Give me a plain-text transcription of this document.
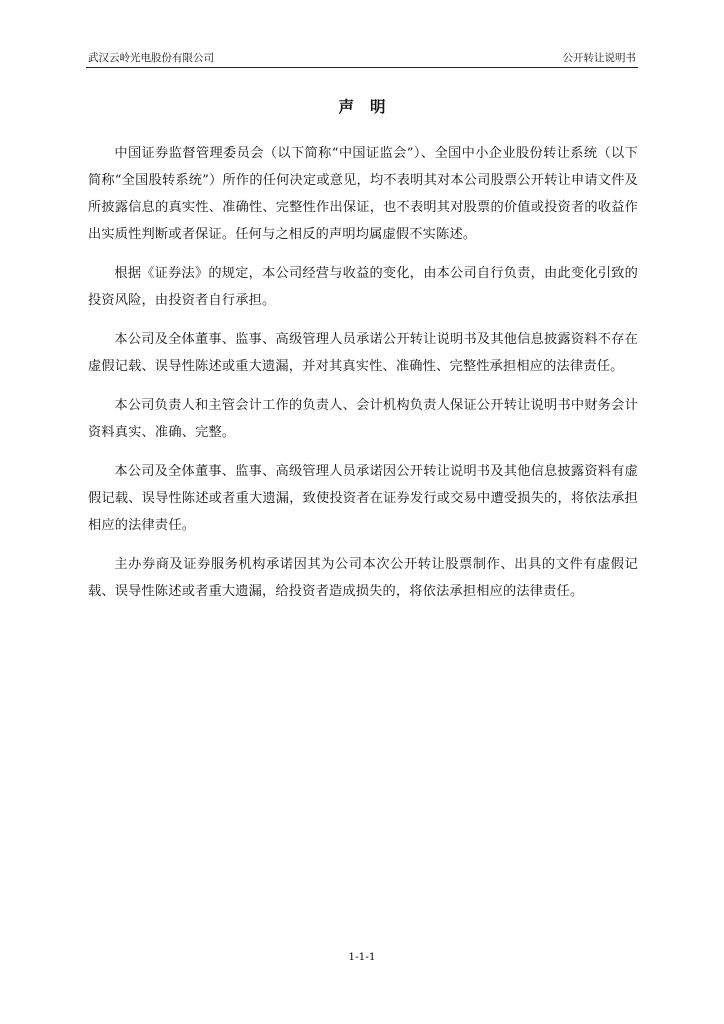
武汉云岭光电股份有限公司	公开转让说明书
声明

中国证券监督管理委员会（以下简称“中国证监会”）、全国中小企业股份转让系统（以下简称“全国股转系统”）所作的任何决定或意见，均不表明其对本公司股票公开转让申请文件及所披露信息的真实性、准确性、完整性作出保证，也不表明其对股票的价值或投资者的收益作出实质性判断或者保证。任何与之相反的声明均属虚假不实陈述。

根据《证券法》的规定，本公司经营与收益的变化，由本公司自行负责，由此变化引致的投资风险，由投资者自行承担。

本公司及全体董事、监事、高级管理人员承诺公开转让说明书及其他信息披露资料不存在虚假记载、误导性陈述或重大遗漏，并对其真实性、准确性、完整性承担相应的法律责任。

本公司负责人和主管会计工作的负责人、会计机构负责人保证公开转让说明书中财务会计资料真实、准确、完整。

本公司及全体董事、监事、高级管理人员承诺因公开转让说明书及其他信息披露资料有虚假记载、误导性陈述或者重大遗漏，致使投资者在证券发行或交易中遭受损失的，将依法承担相应的法律责任。

主办券商及证券服务机构承诺因其为公司本次公开转让股票制作、出具的文件有虚假记载、误导性陈述或者重大遗漏，给投资者造成损失的，将依法承担相应的法律责任。

1-1-1
